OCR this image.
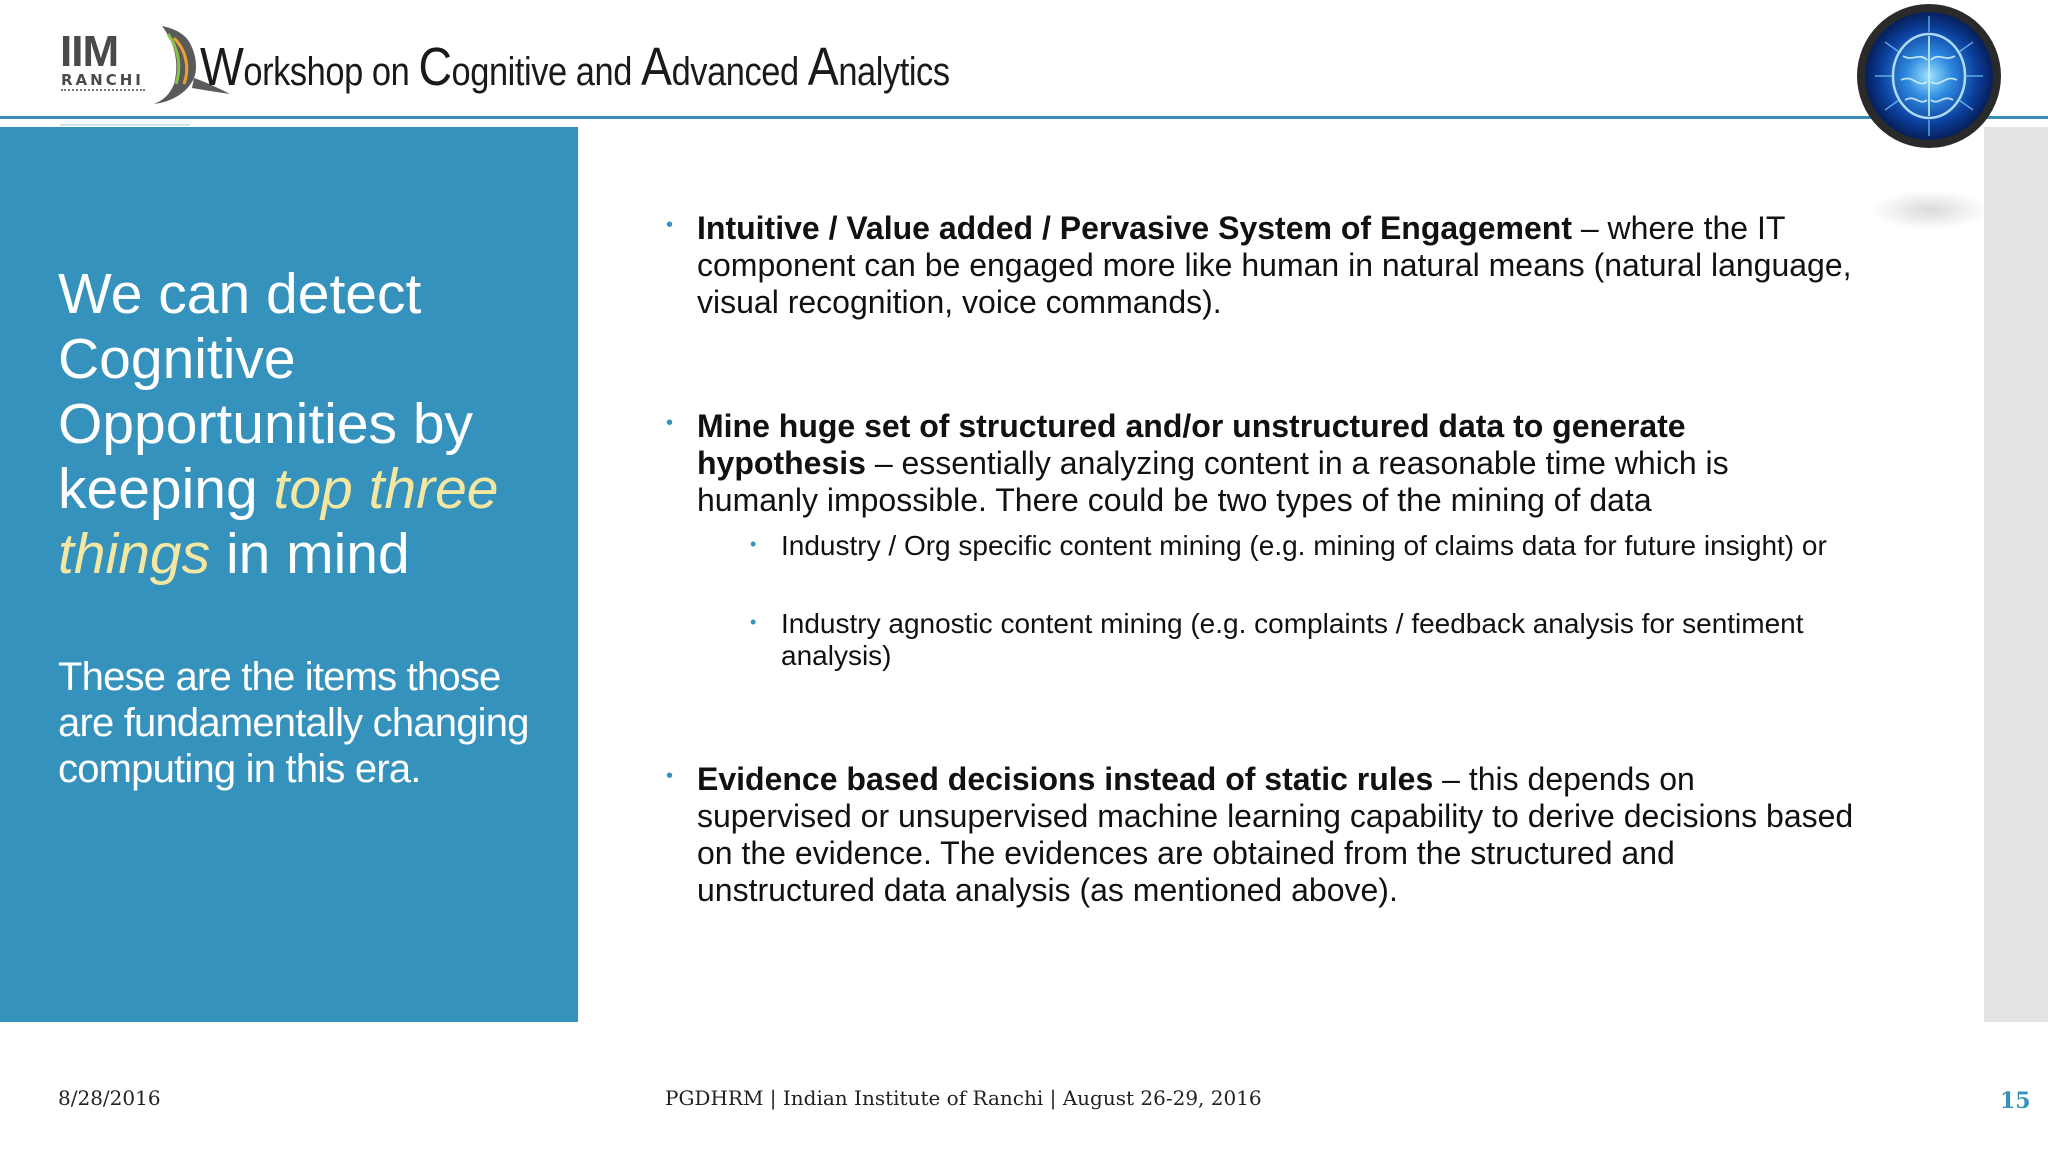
IIM
RANCHI Workshop on Cognitive and Advanced Analytics
We can detect Cognitive Opportunities by keeping top three things in mind
These are the items those are fundamentally changing computing in this era.
• Intuitive / Value added / Pervasive System of Engagement – where the IT component can be engaged more like human in natural means (natural language, visual recognition, voice commands).
• Mine huge set of structured and/or unstructured data to generate hypothesis – essentially analyzing content in a reasonable time which is humanly impossible. There could be two types of the mining of data
• Industry / Org specific content mining (e.g. mining of claims data for future insight) or
• Industry agnostic content mining (e.g. complaints / feedback analysis for sentiment analysis)
• Evidence based decisions instead of static rules – this depends on supervised or unsupervised machine learning capability to derive decisions based on the evidence. The evidences are obtained from the structured and unstructured data analysis (as mentioned above).
8/28/2016	PGDHRM | Indian Institute of Ranchi | August 26-29, 2016	15
